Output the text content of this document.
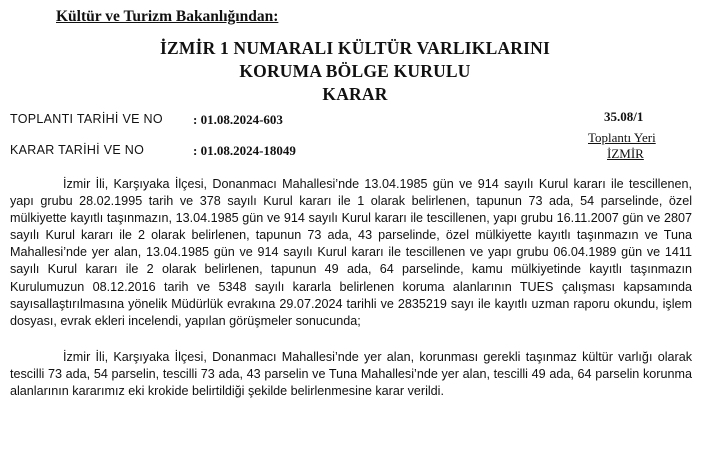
Kültür ve Turizm Bakanlığından:
İZMİR 1 NUMARALI KÜLTÜR VARLIKLARINI
KORUMA BÖLGE KURULU
KARAR
TOPLANTI TARİHİ VE NO : 01.08.2024-603
KARAR TARİHİ VE NO	: 01.08.2024-18049
35.08/1
Toplantı Yeri
İZMİR
İzmir İli, Karşıyaka İlçesi, Donanmacı Mahallesi’nde 13.04.1985 gün ve 914 sayılı Kurul kararı ile tescillenen, yapı grubu 28.02.1995 tarih ve 378 sayılı Kurul kararı ile 1 olarak belirlenen, tapunun 73 ada, 54 parselinde, özel mülkiyette kayıtlı taşınmazın, 13.04.1985 gün ve 914 sayılı Kurul kararı ile tescillenen, yapı grubu 16.11.2007 gün ve 2807 sayılı Kurul kararı ile 2 olarak belirlenen, tapunun 73 ada, 43 parselinde, özel mülkiyette kayıtlı taşınmazın ve Tuna Mahallesi’nde yer alan, 13.04.1985 gün ve 914 sayılı Kurul kararı ile tescillenen ve yapı grubu 06.04.1989 gün ve 1411 sayılı Kurul kararı ile 2 olarak belirlenen, tapunun 49 ada, 64 parselinde, kamu mülkiyetinde kayıtlı taşınmazın Kurulumuzun 08.12.2016 tarih ve 5348 sayılı kararla belirlenen koruma alanlarının TUES çalışması kapsamında sayısallaştırılmasına yönelik Müdürlük evrakına 29.07.2024 tarihli ve 2835219 sayı ile kayıtlı uzman raporu okundu, işlem dosyası, evrak ekleri incelendi, yapılan görüşmeler sonucunda;
İzmir İli, Karşıyaka İlçesi, Donanmacı Mahallesi’nde yer alan, korunması gerekli taşınmaz kültür varlığı olarak tescilli 73 ada, 54 parselin, tescilli 73 ada, 43 parselin ve Tuna Mahallesi’nde yer alan, tescilli 49 ada, 64 parselin korunma alanlarının kararımız eki krokide belirtildiği şekilde belirlenmesine karar verildi.
